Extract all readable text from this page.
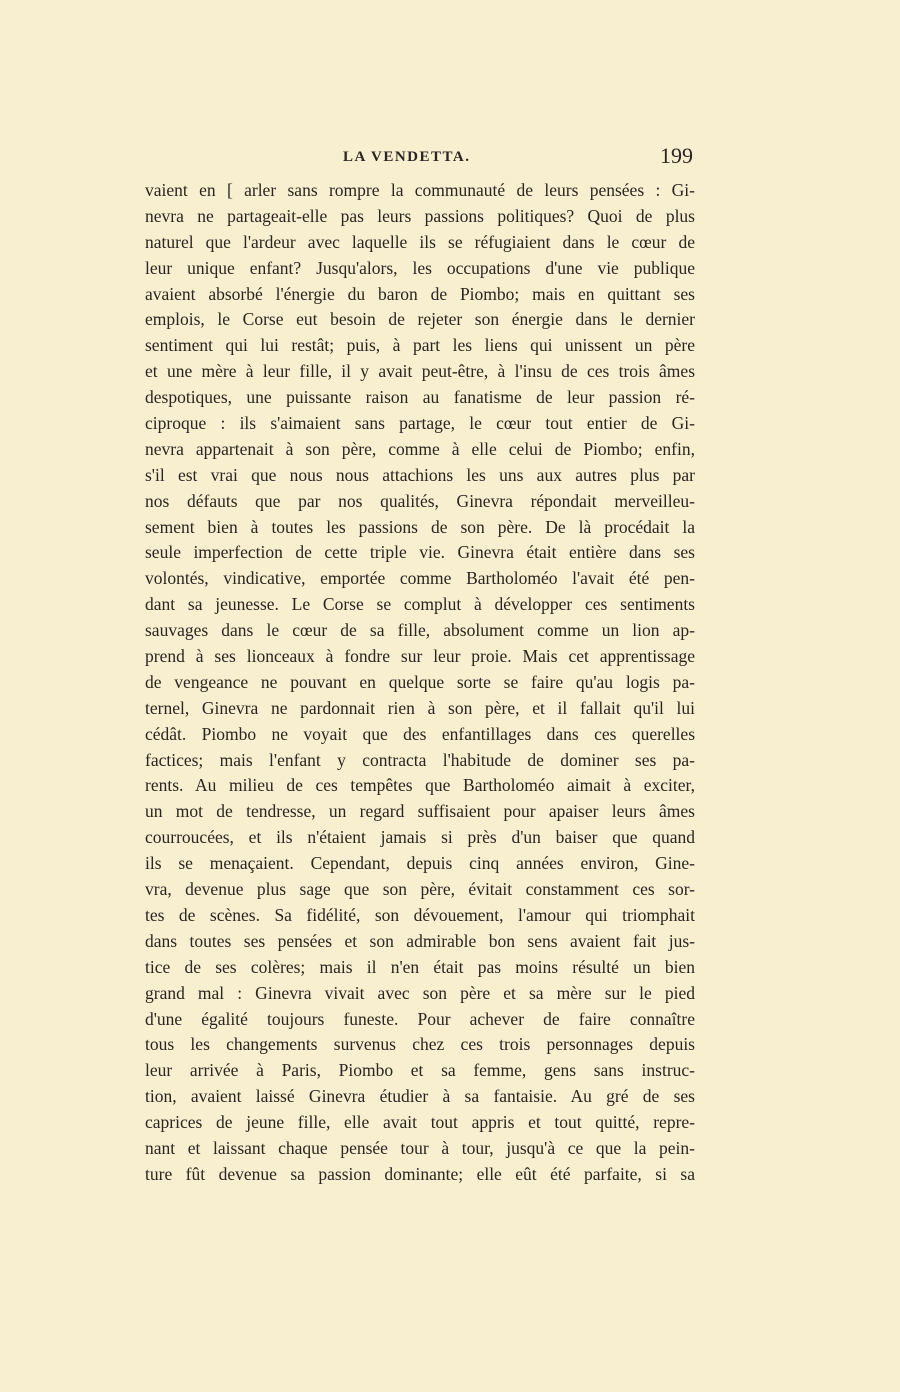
LA VENDETTA.	199
vaient en [ arler sans rompre la communauté de leurs pensées : Gi-
nevra ne partageait-elle pas leurs passions politiques? Quoi de plus
naturel que l'ardeur avec laquelle ils se réfugiaient dans le cœur de
leur unique enfant? Jusqu'alors, les occupations d'une vie publique
avaient absorbé l'énergie du baron de Piombo; mais en quittant ses
emplois, le Corse eut besoin de rejeter son énergie dans le dernier
sentiment qui lui restât; puis, à part les liens qui unissent un père
et une mère à leur fille, il y avait peut-être, à l'insu de ces trois âmes
despotiques, une puissante raison au fanatisme de leur passion ré-
ciproque : ils s'aimaient sans partage, le cœur tout entier de Gi-
nevra appartenait à son père, comme à elle celui de Piombo; enfin,
s'il est vrai que nous nous attachions les uns aux autres plus par
nos défauts que par nos qualités, Ginevra répondait merveilleu-
sement bien à toutes les passions de son père. De là procédait la
seule imperfection de cette triple vie. Ginevra était entière dans ses
volontés, vindicative, emportée comme Bartholoméo l'avait été pen-
dant sa jeunesse. Le Corse se complut à développer ces sentiments
sauvages dans le cœur de sa fille, absolument comme un lion ap-
prend à ses lionceaux à fondre sur leur proie. Mais cet apprentissage
de vengeance ne pouvant en quelque sorte se faire qu'au logis pa-
ternel, Ginevra ne pardonnait rien à son père, et il fallait qu'il lui
cédât. Piombo ne voyait que des enfantillages dans ces querelles
factices; mais l'enfant y contracta l'habitude de dominer ses pa-
rents. Au milieu de ces tempêtes que Bartholoméo aimait à exciter,
un mot de tendresse, un regard suffisaient pour apaiser leurs âmes
courroucées, et ils n'étaient jamais si près d'un baiser que quand
ils se menaçaient. Cependant, depuis cinq années environ, Gine-
vra, devenue plus sage que son père, évitait constamment ces sor-
tes de scènes. Sa fidélité, son dévouement, l'amour qui triomphait
dans toutes ses pensées et son admirable bon sens avaient fait jus-
tice de ses colères; mais il n'en était pas moins résulté un bien
grand mal : Ginevra vivait avec son père et sa mère sur le pied
d'une égalité toujours funeste. Pour achever de faire connaître
tous les changements survenus chez ces trois personnages depuis
leur arrivée à Paris, Piombo et sa femme, gens sans instruc-
tion, avaient laissé Ginevra étudier à sa fantaisie. Au gré de ses
caprices de jeune fille, elle avait tout appris et tout quitté, repre-
nant et laissant chaque pensée tour à tour, jusqu'à ce que la pein-
ture fût devenue sa passion dominante; elle eût été parfaite, si sa
